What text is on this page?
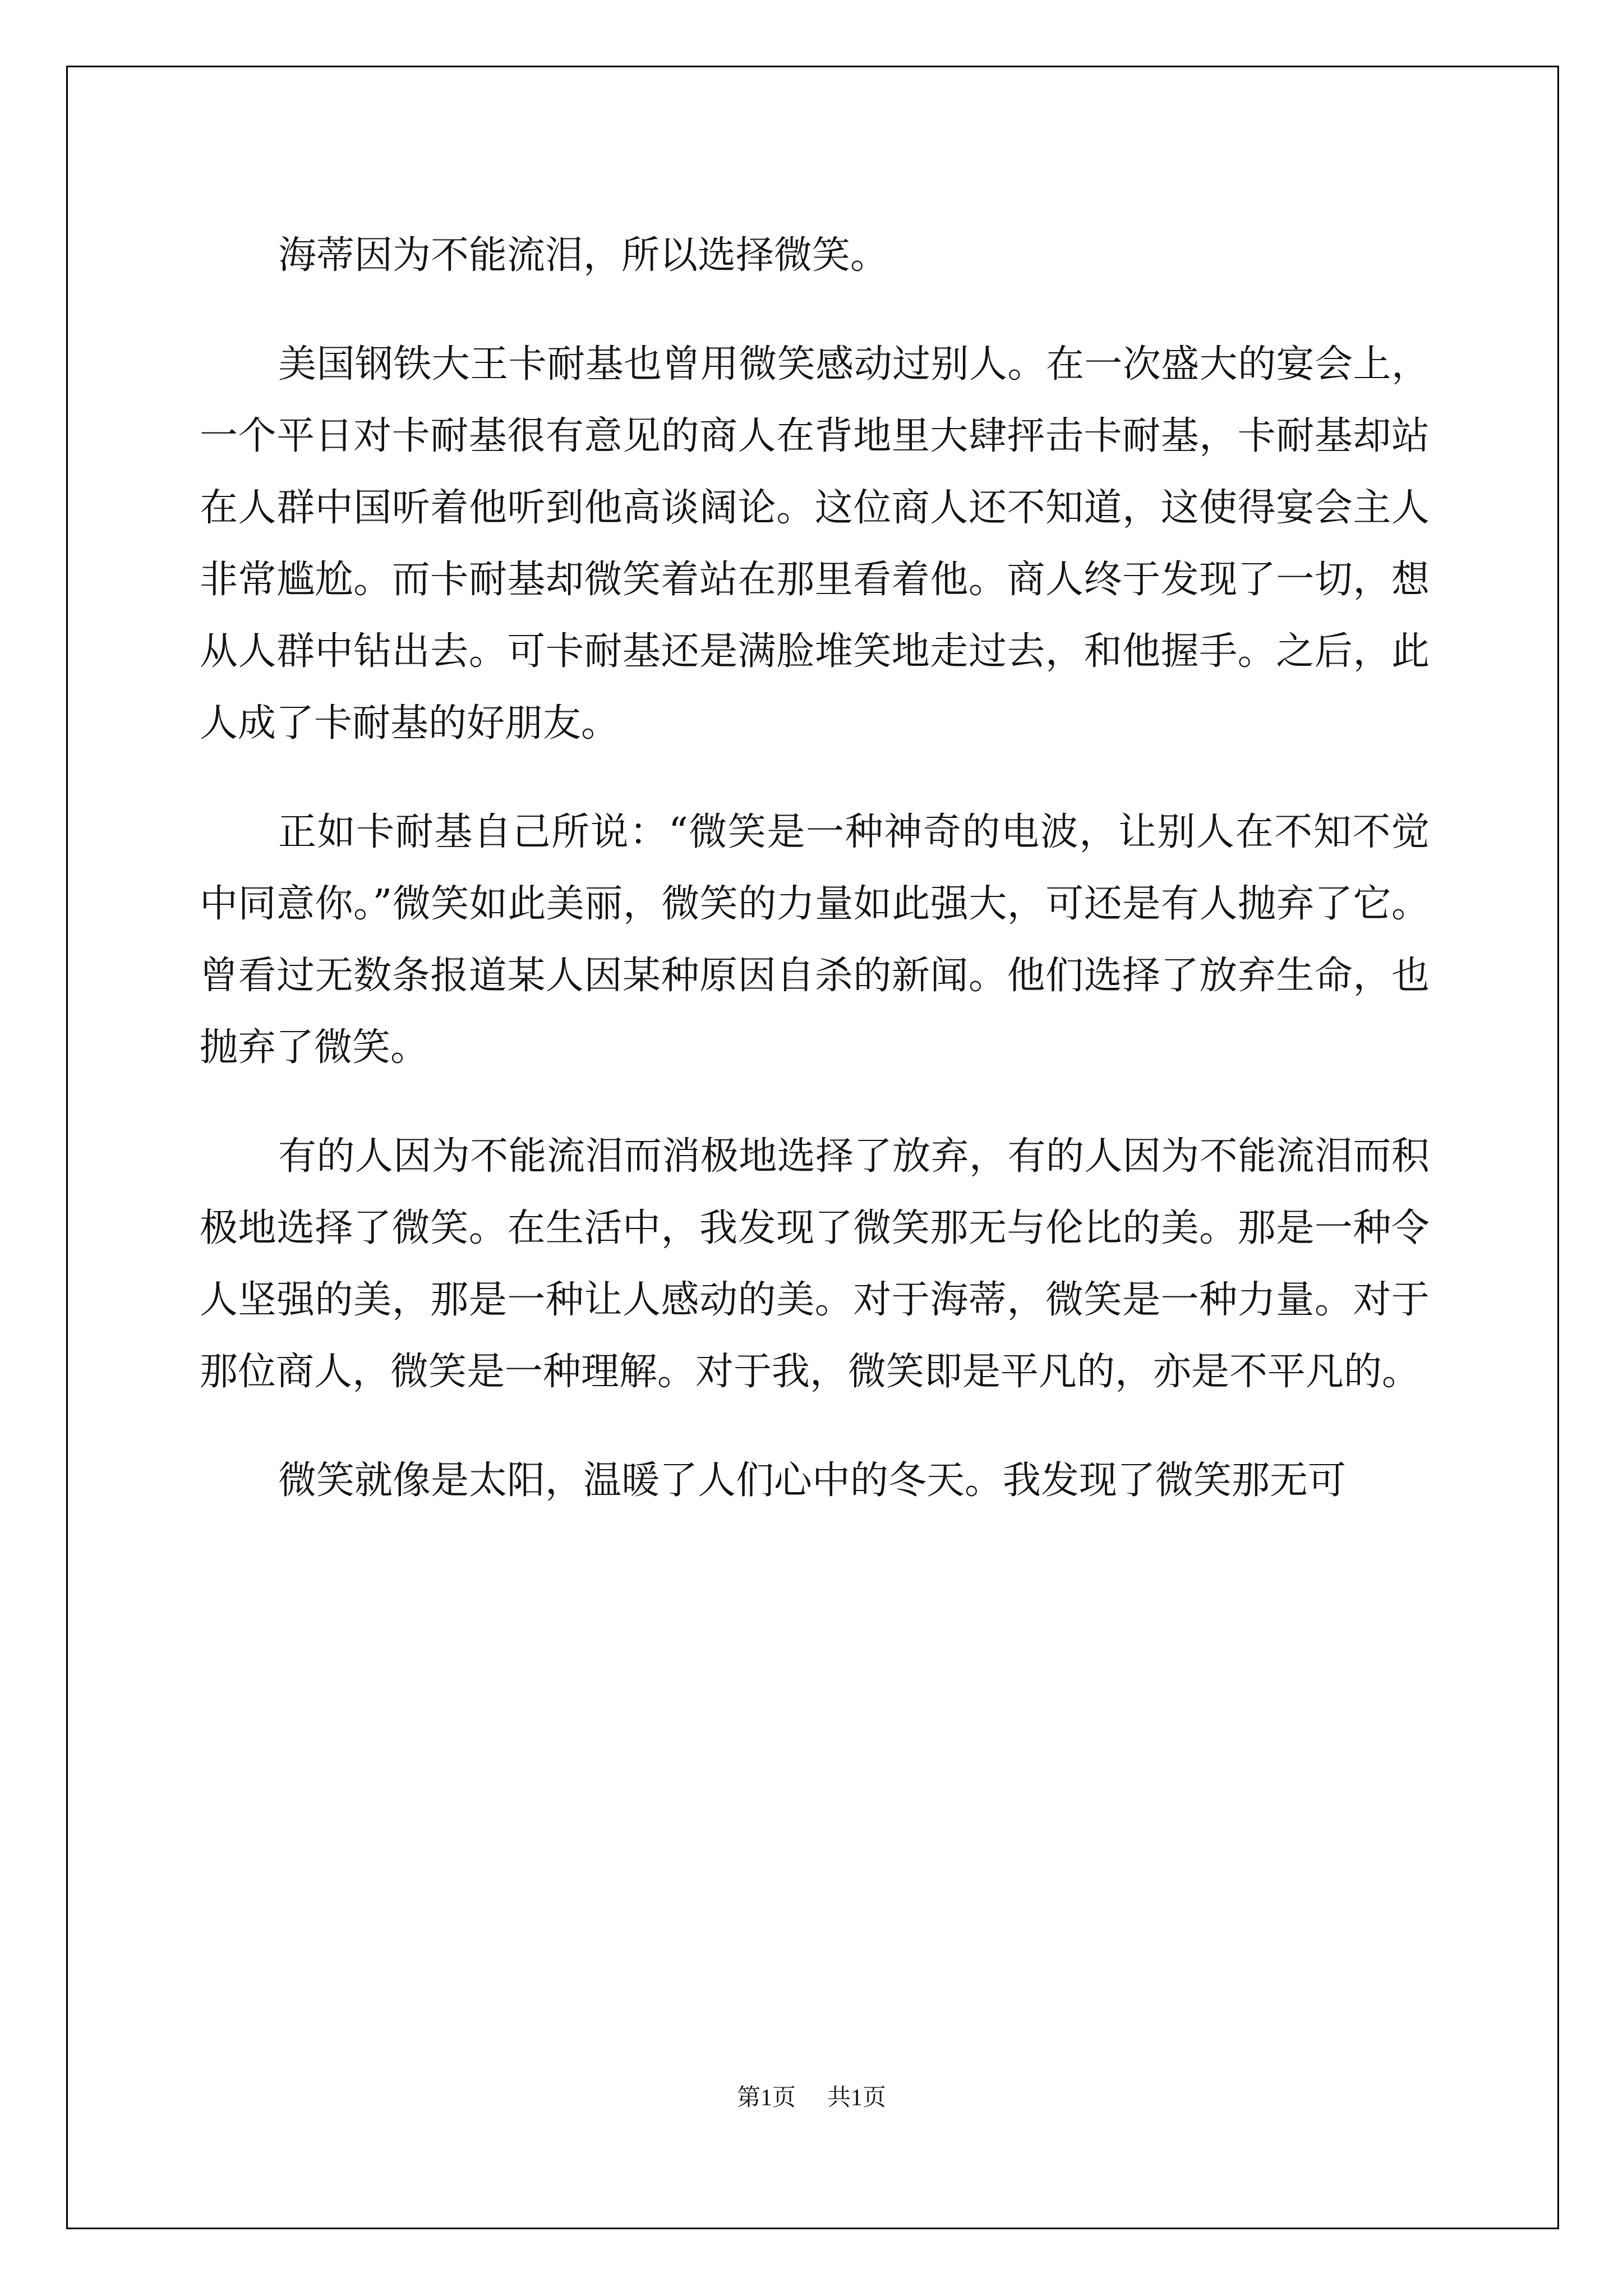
海蒂因为不能流泪，所以选择微笑。

美国钢铁大王卡耐基也曾用微笑感动过别人。在一次盛大的宴会上，一个平日对卡耐基很有意见的商人在背地里大肆抨击卡耐基，卡耐基却站在人群中国听着他听到他高谈阔论。这位商人还不知道，这使得宴会主人非常尴尬。而卡耐基却微笑着站在那里看着他。商人终于发现了一切，想从人群中钻出去。可卡耐基还是满脸堆笑地走过去，和他握手。之后，此人成了卡耐基的好朋友。

正如卡耐基自己所说：“微笑是一种神奇的电波，让别人在不知不觉中同意你。”微笑如此美丽，微笑的力量如此强大，可还是有人抛弃了它。曾看过无数条报道某人因某种原因自杀的新闻。他们选择了放弃生命，也抛弃了微笑。

有的人因为不能流泪而消极地选择了放弃，有的人因为不能流泪而积极地选择了微笑。在生活中，我发现了微笑那无与伦比的美。那是一种令人坚强的美，那是一种让人感动的美。对于海蒂，微笑是一种力量。对于那位商人，微笑是一种理解。对于我，微笑即是平凡的，亦是不平凡的。

微笑就像是太阳，温暖了人们心中的冬天。我发现了微笑那无可

第1页 共1页
